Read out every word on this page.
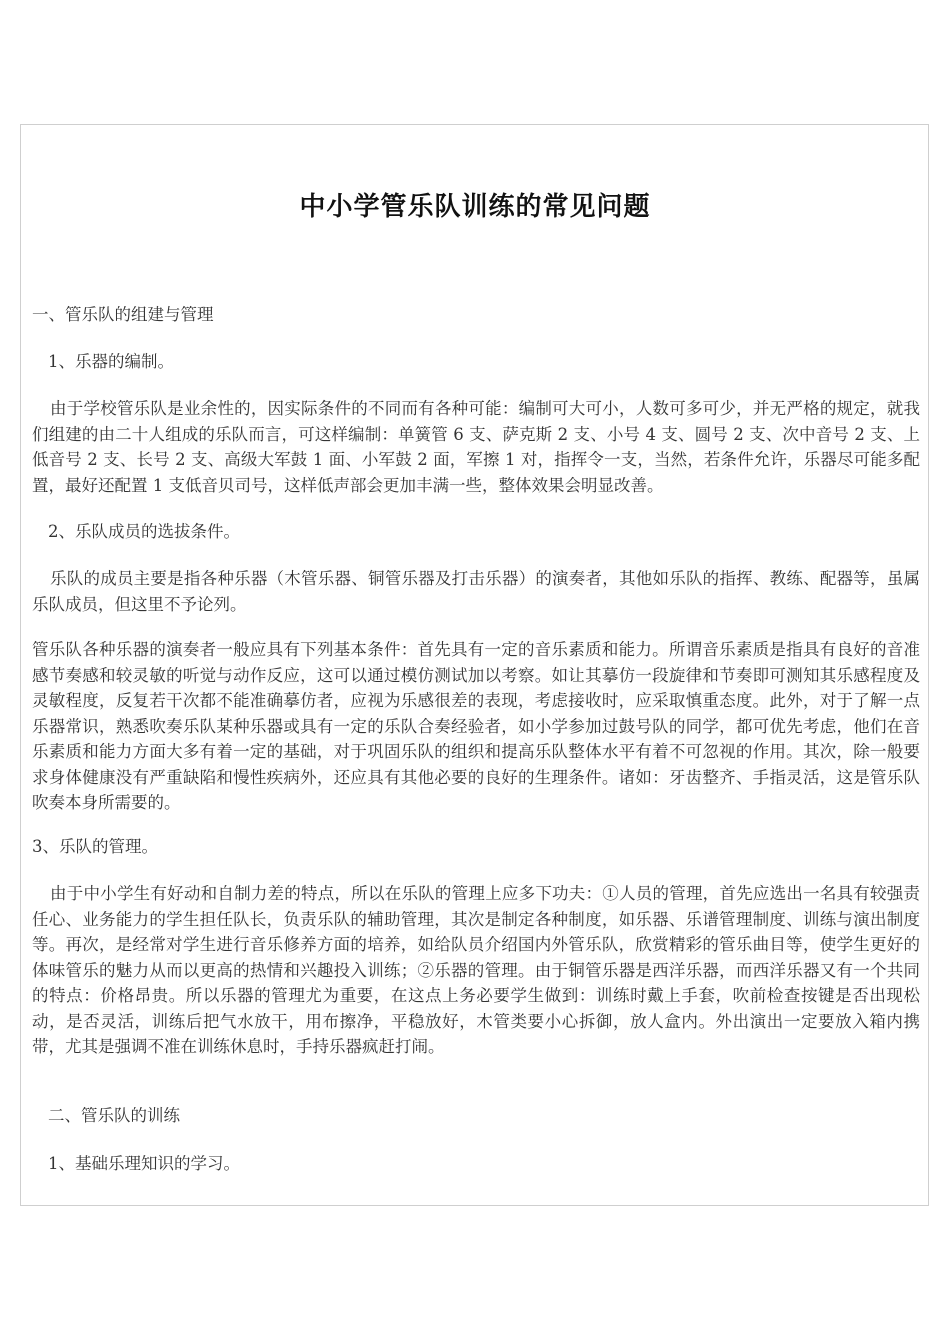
中小学管乐队训练的常见问题

一、管乐队的组建与管理

1、乐器的编制。

由于学校管乐队是业余性的，因实际条件的不同而有各种可能：编制可大可小，人数可多可少，并无严格的规定，就我们组建的由二十人组成的乐队而言，可这样编制：单簧管 6 支、萨克斯 2 支、小号 4 支、圆号 2 支、次中音号 2 支、上低音号 2 支、长号 2 支、高级大军鼓 1 面、小军鼓 2 面，军擦 1 对，指挥令一支，当然，若条件允许，乐器尽可能多配置，最好还配置 1 支低音贝司号，这样低声部会更加丰满一些，整体效果会明显改善。

2、乐队成员的选拔条件。

乐队的成员主要是指各种乐器（木管乐器、铜管乐器及打击乐器）的演奏者，其他如乐队的指挥、教练、配器等，虽属乐队成员，但这里不予论列。

管乐队各种乐器的演奏者一般应具有下列基本条件：首先具有一定的音乐素质和能力。所谓音乐素质是指具有良好的音准感节奏感和较灵敏的听觉与动作反应，这可以通过模仿测试加以考察。如让其摹仿一段旋律和节奏即可测知其乐感程度及灵敏程度，反复若干次都不能准确摹仿者，应视为乐感很差的表现，考虑接收时，应采取慎重态度。此外，对于了解一点乐器常识，熟悉吹奏乐队某种乐器或具有一定的乐队合奏经验者，如小学参加过鼓号队的同学，都可优先考虑，他们在音乐素质和能力方面大多有着一定的基础，对于巩固乐队的组织和提高乐队整体水平有着不可忽视的作用。其次，除一般要求身体健康没有严重缺陷和慢性疾病外，还应具有其他必要的良好的生理条件。诸如：牙齿整齐、手指灵活，这是管乐队吹奏本身所需要的。

3、乐队的管理。

由于中小学生有好动和自制力差的特点，所以在乐队的管理上应多下功夫：①人员的管理，首先应选出一名具有较强责任心、业务能力的学生担任队长，负责乐队的辅助管理，其次是制定各种制度，如乐器、乐谱管理制度、训练与演出制度等。再次，是经常对学生进行音乐修养方面的培养，如给队员介绍国内外管乐队，欣赏精彩的管乐曲目等，使学生更好的体味管乐的魅力从而以更高的热情和兴趣投入训练；②乐器的管理。由于铜管乐器是西洋乐器，而西洋乐器又有一个共同的特点：价格昂贵。所以乐器的管理尤为重要，在这点上务必要学生做到：训练时戴上手套，吹前检查按键是否出现松动，是否灵活，训练后把气水放干，用布擦净，平稳放好，木管类要小心拆御，放人盒内。外出演出一定要放入箱内携带，尤其是强调不准在训练休息时，手持乐器疯赶打闹。

二、管乐队的训练

1、基础乐理知识的学习。
